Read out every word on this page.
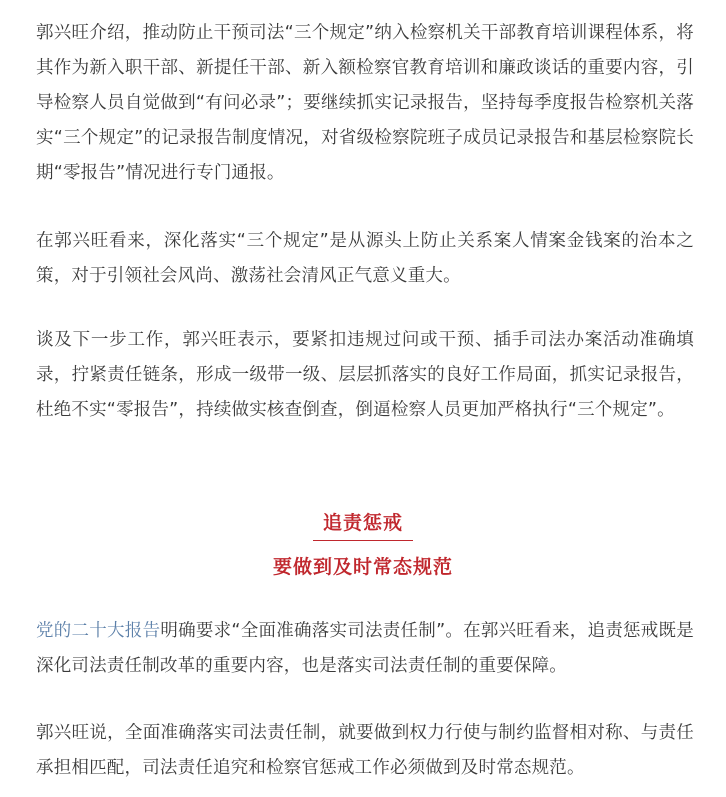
郭兴旺介绍，推动防止干预司法“三个规定”纳入检察机关干部教育培训课程体系，将其作为新入职干部、新提任干部、新入额检察官教育培训和廉政谈话的重要内容，引导检察人员自觉做到“有问必录”；要继续抓实记录报告，坚持每季度报告检察机关落实“三个规定”的记录报告制度情况，对省级检察院班子成员记录报告和基层检察院长期“零报告”情况进行专门通报。

在郭兴旺看来，深化落实“三个规定”是从源头上防止关系案人情案金钱案的治本之策，对于引领社会风尚、激荡社会清风正气意义重大。

谈及下一步工作，郭兴旺表示，要紧扣违规过问或干预、插手司法办案活动准确填录，拧紧责任链条，形成一级带一级、层层抓落实的良好工作局面，抓实记录报告，杜绝不实“零报告”，持续做实核查倒查，倒逼检察人员更加严格执行“三个规定”。

追责惩戒
要做到及时常态规范

党的二十大报告明确要求“全面准确落实司法责任制”。在郭兴旺看来，追责惩戒既是深化司法责任制改革的重要内容，也是落实司法责任制的重要保障。

郭兴旺说，全面准确落实司法责任制，就要做到权力行使与制约监督相对称、与责任承担相匹配，司法责任追究和检察官惩戒工作必须做到及时常态规范。
